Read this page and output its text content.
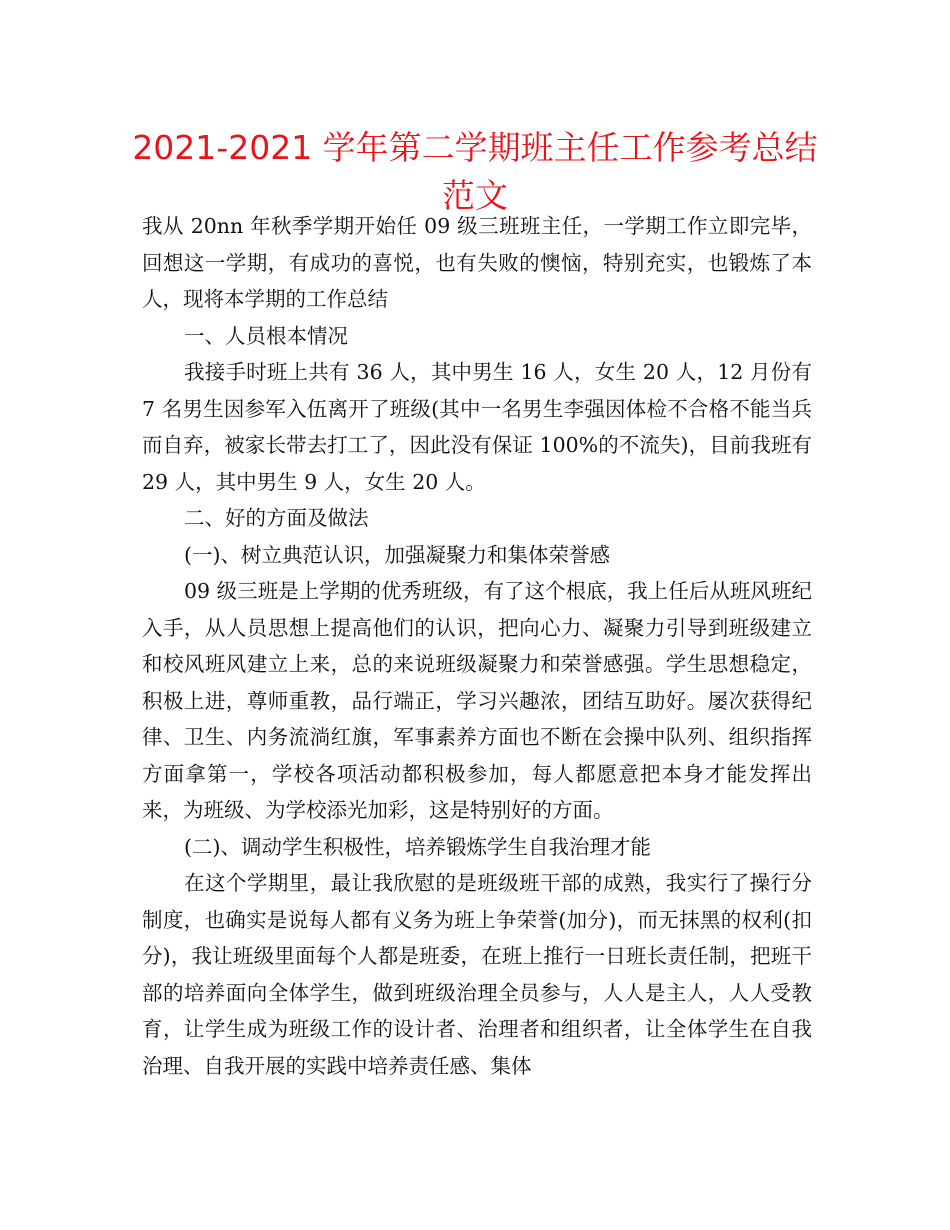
2021-2021 学年第二学期班主任工作参考总结
范文

我从 20nn 年秋季学期开始任 09 级三班班主任，一学期工作立即完毕，回想这一学期，有成功的喜悦，也有失败的懊恼，特别充实，也锻炼了本人，现将本学期的工作总结

一、人员根本情况

我接手时班上共有 36 人，其中男生 16 人，女生 20 人，12 月份有 7 名男生因参军入伍离开了班级(其中一名男生李强因体检不合格不能当兵而自弃，被家长带去打工了，因此没有保证 100%的不流失)，目前我班有 29 人，其中男生 9 人，女生 20 人。

二、好的方面及做法

(一)、树立典范认识，加强凝聚力和集体荣誉感

09 级三班是上学期的优秀班级，有了这个根底，我上任后从班风班纪入手，从人员思想上提高他们的认识，把向心力、凝聚力引导到班级建立和校风班风建立上来，总的来说班级凝聚力和荣誉感强。学生思想稳定，积极上进，尊师重教，品行端正，学习兴趣浓，团结互助好。屡次获得纪律、卫生、内务流淌红旗，军事素养方面也不断在会操中队列、组织指挥方面拿第一，学校各项活动都积极参加，每人都愿意把本身才能发挥出来，为班级、为学校添光加彩，这是特别好的方面。

(二)、调动学生积极性，培养锻炼学生自我治理才能

在这个学期里，最让我欣慰的是班级班干部的成熟，我实行了操行分制度，也确实是说每人都有义务为班上争荣誉(加分)，而无抹黑的权利(扣分)，我让班级里面每个人都是班委，在班上推行一日班长责任制，把班干部的培养面向全体学生，做到班级治理全员参与，人人是主人，人人受教育，让学生成为班级工作的设计者、治理者和组织者，让全体学生在自我治理、自我开展的实践中培养责任感、集体
